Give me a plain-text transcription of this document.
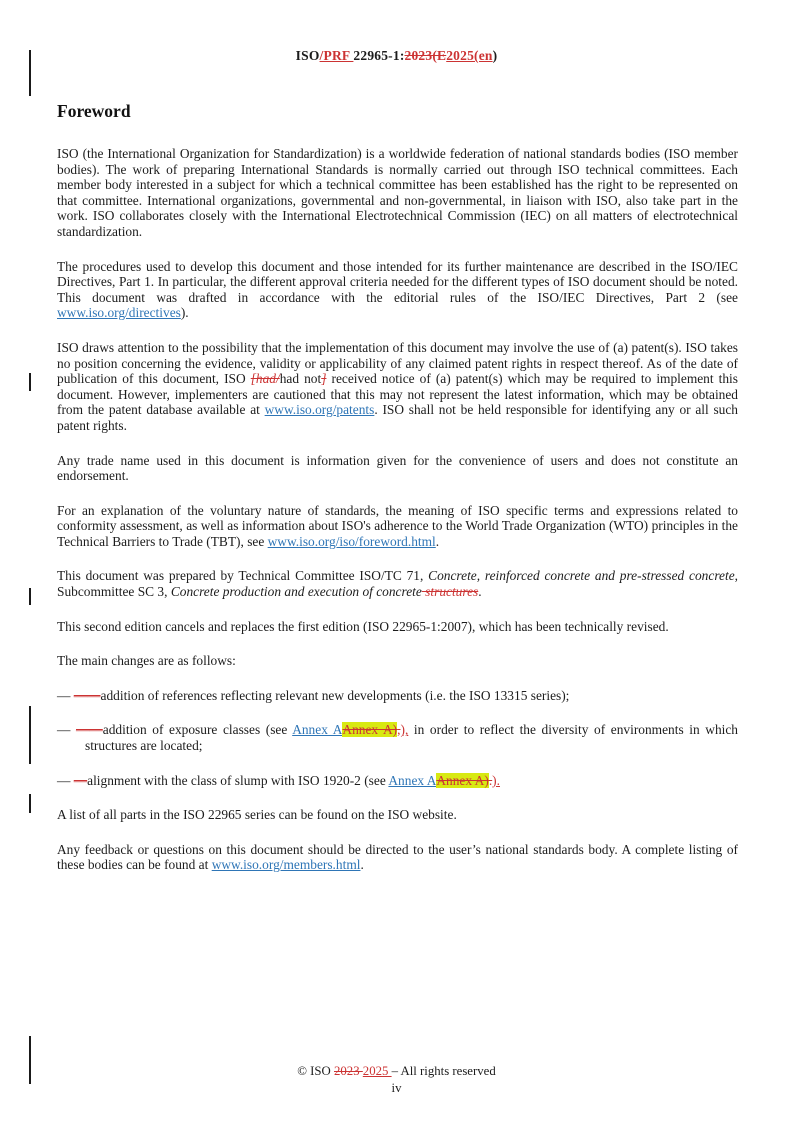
ISO/PRF 22965-1:2023(E2025(en)
Foreword

ISO (the International Organization for Standardization) is a worldwide federation of national standards bodies (ISO member bodies). The work of preparing International Standards is normally carried out through ISO technical committees. Each member body interested in a subject for which a technical committee has been established has the right to be represented on that committee. International organizations, governmental and non-governmental, in liaison with ISO, also take part in the work. ISO collaborates closely with the International Electrotechnical Commission (IEC) on all matters of electrotechnical standardization.

The procedures used to develop this document and those intended for its further maintenance are described in the ISO/IEC Directives, Part 1. In particular, the different approval criteria needed for the different types of ISO document should be noted. This document was drafted in accordance with the editorial rules of the ISO/IEC Directives, Part 2 (see www.iso.org/directives).

ISO draws attention to the possibility that the implementation of this document may involve the use of (a) patent(s). ISO takes no position concerning the evidence, validity or applicability of any claimed patent rights in respect thereof. As of the date of publication of this document, ISO [had/had not] received notice of (a) patent(s) which may be required to implement this document. However, implementers are cautioned that this may not represent the latest information, which may be obtained from the patent database available at www.iso.org/patents. ISO shall not be held responsible for identifying any or all such patent rights.

Any trade name used in this document is information given for the convenience of users and does not constitute an endorsement.

For an explanation of the voluntary nature of standards, the meaning of ISO specific terms and expressions related to conformity assessment, as well as information about ISO's adherence to the World Trade Organization (WTO) principles in the Technical Barriers to Trade (TBT), see www.iso.org/iso/foreword.html.

This document was prepared by Technical Committee ISO/TC 71, Concrete, reinforced concrete and pre-stressed concrete, Subcommittee SC 3, Concrete production and execution of concrete structures.

This second edition cancels and replaces the first edition (ISO 22965-1:2007), which has been technically revised.

The main changes are as follows:

— ——addition of references reflecting relevant new developments (i.e. the ISO 13315 series);
— ——addition of exposure classes (see Annex AAnnex A),), in order to reflect the diversity of environments in which structures are located;
— —alignment with the class of slump with ISO 1920-2 (see Annex AAnnex A).).

A list of all parts in the ISO 22965 series can be found on the ISO website.

Any feedback or questions on this document should be directed to the user’s national standards body. A complete listing of these bodies can be found at www.iso.org/members.html.

© ISO 2023 2025 – All rights reserved
iv
